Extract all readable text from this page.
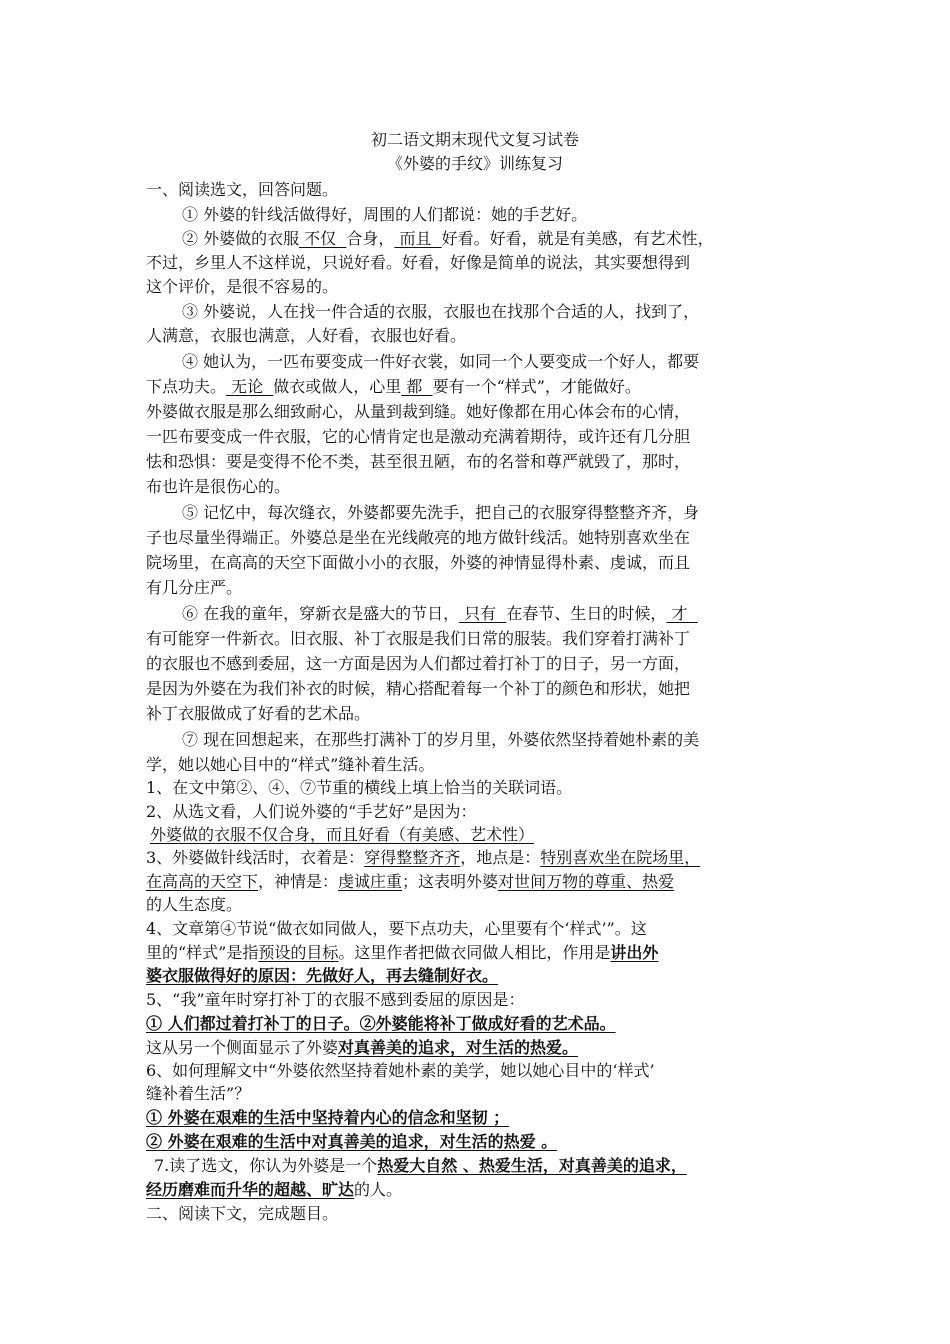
初二语文期末现代文复习试卷
《外婆的手纹》训练复习
一、阅读选文，回答问题。
① 外婆的针线活做得好，周围的人们都说：她的手艺好。
② 外婆做的衣服 不仅  合身， 而且  好看。好看，就是有美感，有艺术性，
不过，乡里人不这样说，只说好看。好看，好像是简单的说法，其实要想得到
这个评价，是很不容易的。
③ 外婆说，人在找一件合适的衣服，衣服也在找那个合适的人，找到了，
人满意，衣服也满意，人好看，衣服也好看。
④ 她认为，一匹布要变成一件好衣裳，如同一个人要变成一个好人，都要
下点功夫。 无论  做衣或做人，心里 都  要有一个“样式”，才能做好。
外婆做衣服是那么细致耐心，从量到裁到缝。她好像都在用心体会布的心情，
一匹布要变成一件衣服，它的心情肯定也是激动充满着期待，或许还有几分胆
怯和恐惧：要是变得不伦不类，甚至很丑陋，布的名誉和尊严就毁了，那时，
布也许是很伤心的。
⑤ 记忆中，每次缝衣，外婆都要先洗手，把自己的衣服穿得整整齐齐，身
子也尽量坐得端正。外婆总是坐在光线敞亮的地方做针线活。她特别喜欢坐在
院场里，在高高的天空下面做小小的衣服，外婆的神情显得朴素、虔诚，而且
有几分庄严。
⑥ 在我的童年，穿新衣是盛大的节日， 只有  在春节、生日的时候， 才
有可能穿一件新衣。旧衣服、补丁衣服是我们日常的服装。我们穿着打满补丁
的衣服也不感到委屈，这一方面是因为人们都过着打补丁的日子，另一方面，
是因为外婆在为我们补衣的时候，精心搭配着每一个补丁的颜色和形状，她把
补丁衣服做成了好看的艺术品。
⑦ 现在回想起来，在那些打满补丁的岁月里，外婆依然坚持着她朴素的美
学，她以她心目中的“样式”缝补着生活。
1、在文中第②、④、⑦节重的横线上填上恰当的关联词语。
2、从选文看，人们说外婆的“手艺好”是因为：
外婆做的衣服不仅合身，而且好看（有美感、艺术性）
3、外婆做针线活时，衣着是：穿得整整齐齐，地点是：特别喜欢坐在院场里，
在高高的天空下，神情是：虔诚庄重；这表明外婆对世间万物的尊重、热爱
的人生态度。
4、文章第④节说“做衣如同做人，要下点功夫，心里要有个‘样式’”。这
里的“样式”是指预设的目标。这里作者把做衣同做人相比，作用是讲出外
婆衣服做得好的原因：先做好人，再去缝制好衣。
5、“我”童年时穿打补丁的衣服不感到委屈的原因是：
① 人们都过着打补丁的日子。②外婆能将补丁做成好看的艺术品。
这从另一个侧面显示了外婆对真善美的追求，对生活的热爱。
6、如何理解文中“外婆依然坚持着她朴素的美学，她以她心目中的‘样式’
缝补着生活”？
① 外婆在艰难的生活中坚持着内心的信念和坚韧 ；
② 外婆在艰难的生活中对真善美的追求，对生活的热爱 。
7.读了选文，你认为外婆是一个热爱大自然 、热爱生活，对真善美的追求，
经历磨难而升华的超越、旷达的人。
二、阅读下文，完成题目。
